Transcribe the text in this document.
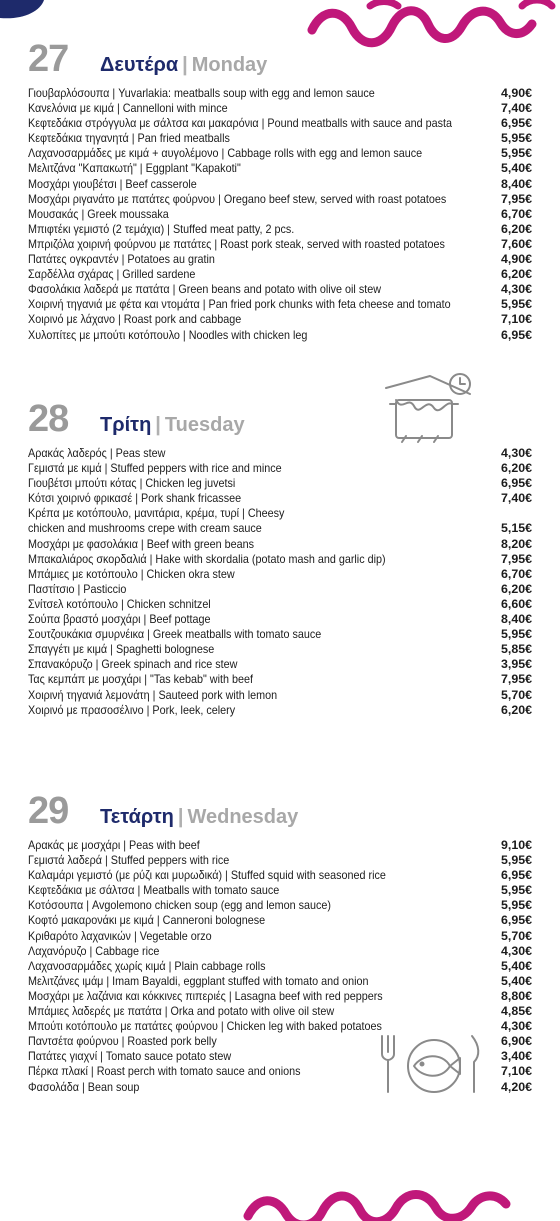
27	Δευτέρα | Monday
Γιουβαρλόσουπα | Yuvarlakia: meatballs soup with egg and lemon sauce	4,90€
Κανελόνια με κιμά | Cannelloni with mince	7,40€
Κεφτεδάκια στρόγγυλα με σάλτσα και μακαρόνια | Pound meatballs with sauce and pasta	6,95€
Κεφτεδάκια τηγανητά | Pan fried meatballs	5,95€
Λαχανοσαρμάδες με κιμά + αυγολέμονο | Cabbage rolls with egg and lemon sauce	5,95€
Μελιτζάνα "Καπακωτή" | Eggplant "Kapakoti"	5,40€
Μοσχάρι γιουβέτσι | Beef casserole	8,40€
Μοσχάρι ριγανάτο με πατάτες φούρνου | Oregano beef stew, served with roast potatoes	7,95€
Μουσακάς | Greek moussaka	6,70€
Μπιφτέκι γεμιστό (2 τεμάχια) | Stuffed meat patty, 2 pcs.	6,20€
Μπριζόλα χοιρινή φούρνου με πατάτες | Roast pork steak, served with roasted potatoes	7,60€
Πατάτες ογκραντέν | Potatoes au gratin	4,90€
Σαρδέλλα σχάρας | Grilled sardene	6,20€
Φασολάκια λαδερά με πατάτα | Green beans and potato with olive oil stew	4,30€
Χοιρινή τηγανιά με φέτα και ντομάτα | Pan fried pork chunks with feta cheese and tomato	5,95€
Χοιρινό με λάχανο | Roast pork and cabbage	7,10€
Χυλοπίτες με μπούτι κοτόπουλο | Noodles with chicken leg	6,95€
28	Τρίτη | Tuesday
Αρακάς λαδερός | Peas stew	4,30€
Γεμιστά με κιμά | Stuffed peppers with rice and mince	6,20€
Γιουβέτσι μπούτι κότας | Chicken leg juvetsi	6,95€
Κότσι χοιρινό φρικασέ | Pork shank fricassee	7,40€
Κρέπα με κοτόπουλο, μανιτάρια, κρέμα, τυρί | Cheesy chicken and mushrooms crepe with cream sauce	5,15€
Μοσχάρι με φασολάκια | Beef with green beans	8,20€
Μπακαλιάρος σκορδαλιά | Hake with skordalia (potato mash and garlic dip)	7,95€
Μπάμιες με κοτόπουλο | Chicken okra stew	6,70€
Παστίτσιο | Pasticcio	6,20€
Σνίτσελ κοτόπουλο | Chicken schnitzel	6,60€
Σούπα βραστό μοσχάρι | Beef pottage	8,40€
Σουτζουκάκια σμυρνέικα | Greek meatballs with tomato sauce	5,95€
Σπαγγέτι με κιμά | Spaghetti bolognese	5,85€
Σπανακόρυζο | Greek spinach and rice stew	3,95€
Τας κεμπάπ με μοσχάρι | "Tas kebab" with beef	7,95€
Χοιρινή τηγανιά λεμονάτη | Sauteed pork with lemon	5,70€
Χοιρινό με πρασοσέλινο | Pork, leek, celery	6,20€
29	Τετάρτη | Wednesday
Αρακάς με μοσχάρι | Peas with beef	9,10€
Γεμιστά λαδερά | Stuffed peppers with rice	5,95€
Καλαμάρι γεμιστό (με ρύζι και μυρωδικά) | Stuffed squid with seasoned rice	6,95€
Κεφτεδάκια με σάλτσα | Meatballs with tomato sauce	5,95€
Κοτόσουπα | Avgolemono chicken soup (egg and lemon sauce)	5,95€
Κοφτό μακαρονάκι με κιμά | Canneroni bolognese	6,95€
Κριθαρότο λαχανικών | Vegetable orzo	5,70€
Λαχανόρυζο | Cabbage rice	4,30€
Λαχανοσαρμάδες χωρίς κιμά | Plain cabbage rolls	5,40€
Μελιτζάνες ιμάμ | Imam Bayaldi, eggplant stuffed with tomato and onion	5,40€
Μοσχάρι με λαζάνια και κόκκινες πιπεριές | Lasagna beef with red peppers	8,80€
Μπάμιες λαδερές με πατάτα | Orka and potato with olive oil stew	4,85€
Μπούτι κοτόπουλο με πατάτες φούρνου | Chicken leg with baked potatoes	4,30€
Παντσέτα φούρνου | Roasted pork belly	6,90€
Πατάτες γιαχνί | Tomato sauce potato stew	3,40€
Πέρκα πλακί | Roast perch with tomato sauce and onions	7,10€
Φασολάδα | Bean soup	4,20€
